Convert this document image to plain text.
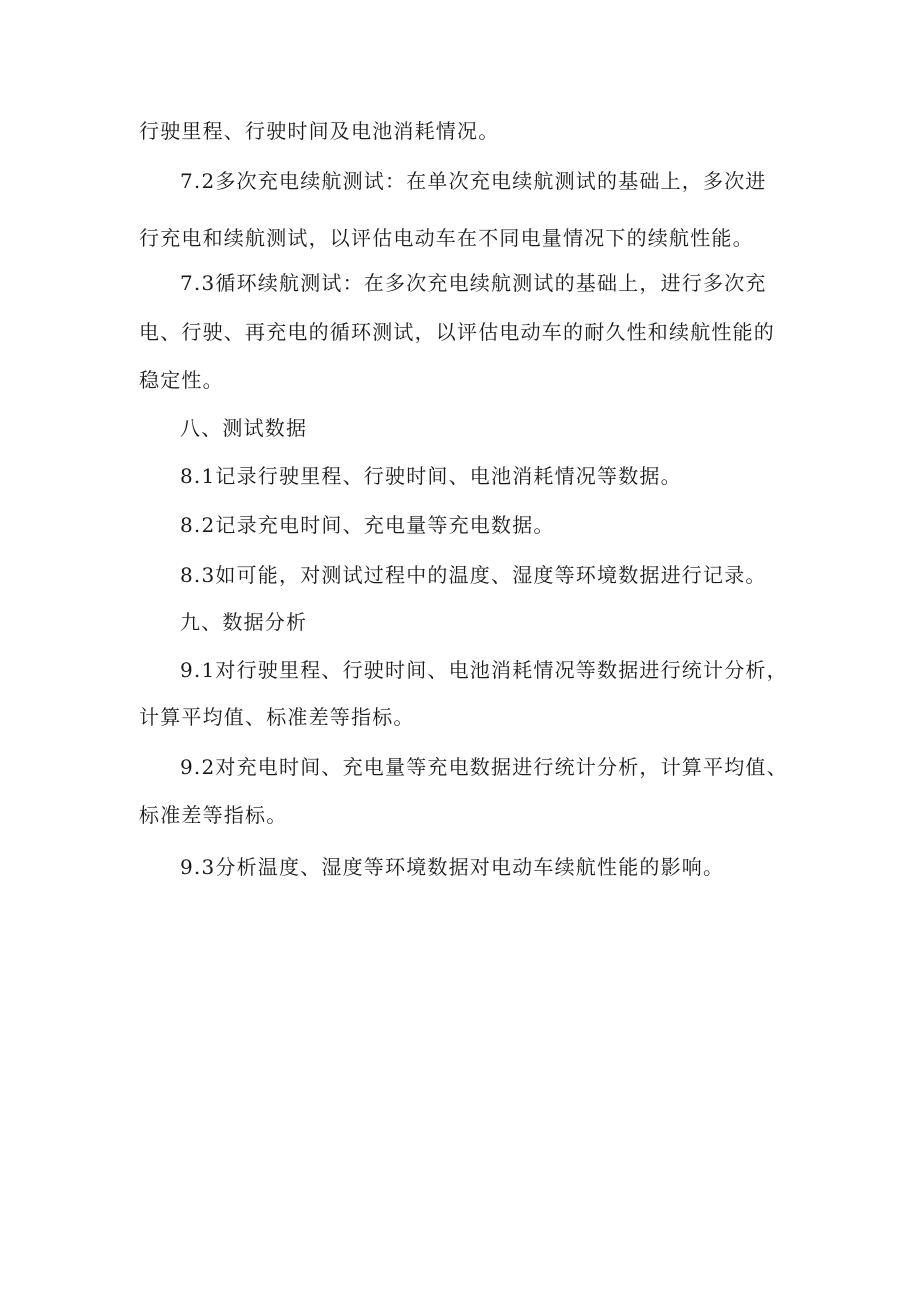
行驶里程、行驶时间及电池消耗情况。
7.2多次充电续航测试：在单次充电续航测试的基础上，多次进
行充电和续航测试，以评估电动车在不同电量情况下的续航性能。
7.3循环续航测试：在多次充电续航测试的基础上，进行多次充
电、行驶、再充电的循环测试，以评估电动车的耐久性和续航性能的
稳定性。
八、测试数据
8.1记录行驶里程、行驶时间、电池消耗情况等数据。
8.2记录充电时间、充电量等充电数据。
8.3如可能，对测试过程中的温度、湿度等环境数据进行记录。
九、数据分析
9.1对行驶里程、行驶时间、电池消耗情况等数据进行统计分析，
计算平均值、标准差等指标。
9.2对充电时间、充电量等充电数据进行统计分析，计算平均值、
标准差等指标。
9.3分析温度、湿度等环境数据对电动车续航性能的影响。
